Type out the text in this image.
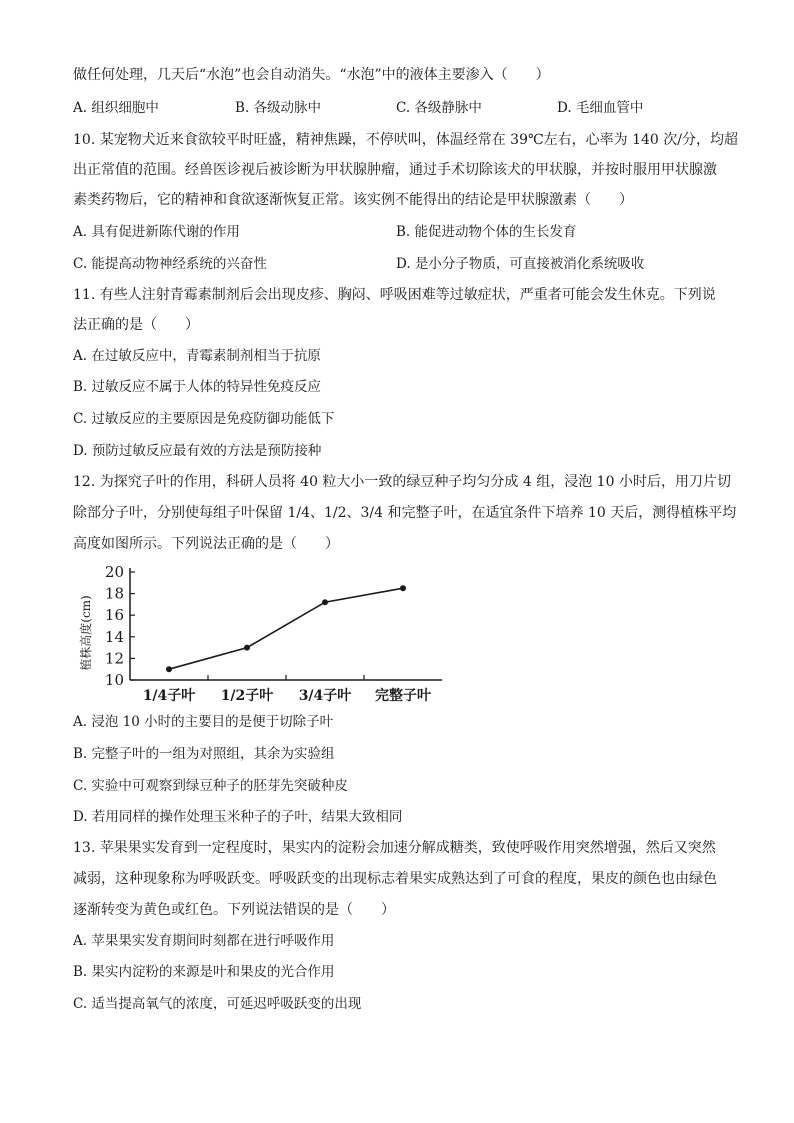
做任何处理，几天后“水泡”也会自动消失。“水泡”中的液体主要渗入（　　）
A. 组织细胞中	B. 各级动脉中	C. 各级静脉中	D. 毛细血管中
10. 某宠物犬近来食欲较平时旺盛，精神焦躁，不停吠叫，体温经常在 39℃左右，心率为 140 次/分，均超
出正常值的范围。经兽医诊视后被诊断为甲状腺肿瘤，通过手术切除该犬的甲状腺，并按时服用甲状腺激
素类药物后，它的精神和食欲逐渐恢复正常。该实例不能得出的结论是甲状腺激素（　　）
A. 具有促进新陈代谢的作用	B. 能促进动物个体的生长发育
C. 能提高动物神经系统的兴奋性	D. 是小分子物质，可直接被消化系统吸收
11. 有些人注射青霉素制剂后会出现皮疹、胸闷、呼吸困难等过敏症状，严重者可能会发生休克。下列说
法正确的是（　　）
A. 在过敏反应中，青霉素制剂相当于抗原
B. 过敏反应不属于人体的特异性免疫反应
C. 过敏反应的主要原因是免疫防御功能低下
D. 预防过敏反应最有效的方法是预防接种
12. 为探究子叶的作用，科研人员将 40 粒大小一致的绿豆种子均匀分成 4 组，浸泡 10 小时后，用刀片切
除部分子叶，分别使每组子叶保留 1/4、1/2、3/4 和完整子叶，在适宜条件下培养 10 天后，测得植株平均
高度如图所示。下列说法正确的是（　　）
植株高度(cm)
10
12
14
16
18
20
1/4子叶 1/2子叶 3/4子叶 完整子叶
A. 浸泡 10 小时的主要目的是便于切除子叶
B. 完整子叶的一组为对照组，其余为实验组
C. 实验中可观察到绿豆种子的胚芽先突破种皮
D. 若用同样的操作处理玉米种子的子叶，结果大致相同
13. 苹果果实发育到一定程度时，果实内的淀粉会加速分解成糖类，致使呼吸作用突然增强，然后又突然
减弱，这种现象称为呼吸跃变。呼吸跃变的出现标志着果实成熟达到了可食的程度，果皮的颜色也由绿色
逐渐转变为黄色或红色。下列说法错误的是（　　）
A. 苹果果实发育期间时刻都在进行呼吸作用
B. 果实内淀粉的来源是叶和果皮的光合作用
C. 适当提高氧气的浓度，可延迟呼吸跃变的出现
